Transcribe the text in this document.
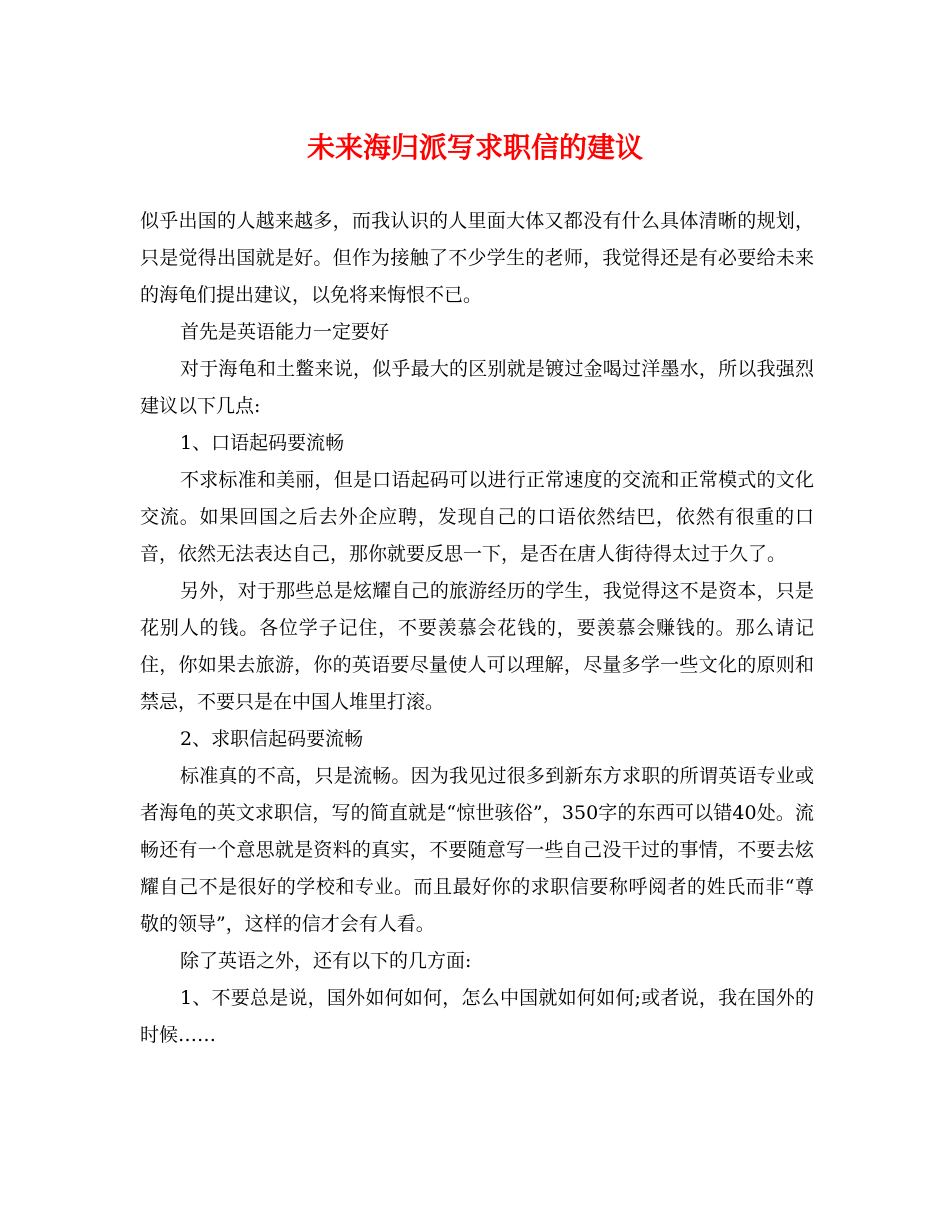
未来海归派写求职信的建议

似乎出国的人越来越多，而我认识的人里面大体又都没有什么具体清晰的规划，只是觉得出国就是好。但作为接触了不少学生的老师，我觉得还是有必要给未来的海龟们提出建议，以免将来悔恨不已。

首先是英语能力一定要好

对于海龟和土鳖来说，似乎最大的区别就是镀过金喝过洋墨水，所以我强烈建议以下几点:

1、口语起码要流畅

不求标准和美丽，但是口语起码可以进行正常速度的交流和正常模式的文化交流。如果回国之后去外企应聘，发现自己的口语依然结巴，依然有很重的口音，依然无法表达自己，那你就要反思一下，是否在唐人街待得太过于久了。

另外，对于那些总是炫耀自己的旅游经历的学生，我觉得这不是资本，只是花别人的钱。各位学子记住，不要羡慕会花钱的，要羡慕会赚钱的。那么请记住，你如果去旅游，你的英语要尽量使人可以理解，尽量多学一些文化的原则和禁忌，不要只是在中国人堆里打滚。

2、求职信起码要流畅

标准真的不高，只是流畅。因为我见过很多到新东方求职的所谓英语专业或者海龟的英文求职信，写的简直就是“惊世骇俗”，350字的东西可以错40处。流畅还有一个意思就是资料的真实，不要随意写一些自己没干过的事情，不要去炫耀自己不是很好的学校和专业。而且最好你的求职信要称呼阅者的姓氏而非“尊敬的领导”，这样的信才会有人看。

除了英语之外，还有以下的几方面:

1、不要总是说，国外如何如何，怎么中国就如何如何;或者说，我在国外的时候……
